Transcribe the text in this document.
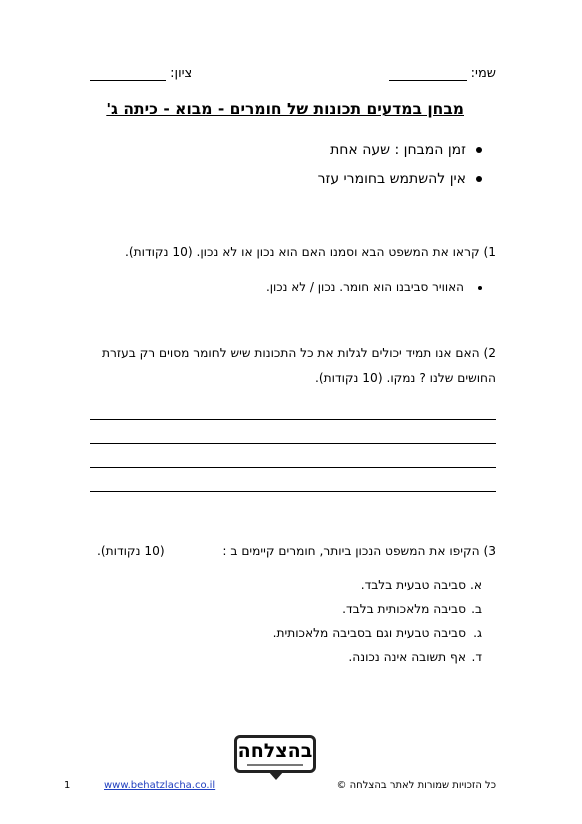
שמי:
ציון:
מבחן במדעים תכונות של חומרים - מבוא - כיתה ג'
זמן המבחן : שעה אחת
אין להשתמש בחומרי עזר
1) קראו את המשפט הבא וסמנו האם הוא נכון או לא נכון. (10 נקודות).
האוויר סביבנו הוא חומר. נכון / לא נכון.
2) האם אנו תמיד יכולים לגלות את כל התכונות שיש לחומר מסוים רק בעזרת
החושים שלנו ? נמקו. (10 נקודות).
3) הקיפו את המשפט הנכון ביותר, חומרים קיימים ב :
(10 נקודות).
א.סביבה טבעית בלבד.
ב.סביבה מלאכותית בלבד.
ג.סביבה טבעית וגם בסביבה מלאכותית.
ד.אף תשובה אינה נכונה.
בהצלחה
כל הזכויות שמורות לאתר בהצלחה ©
www.behatzlacha.co.il
1
